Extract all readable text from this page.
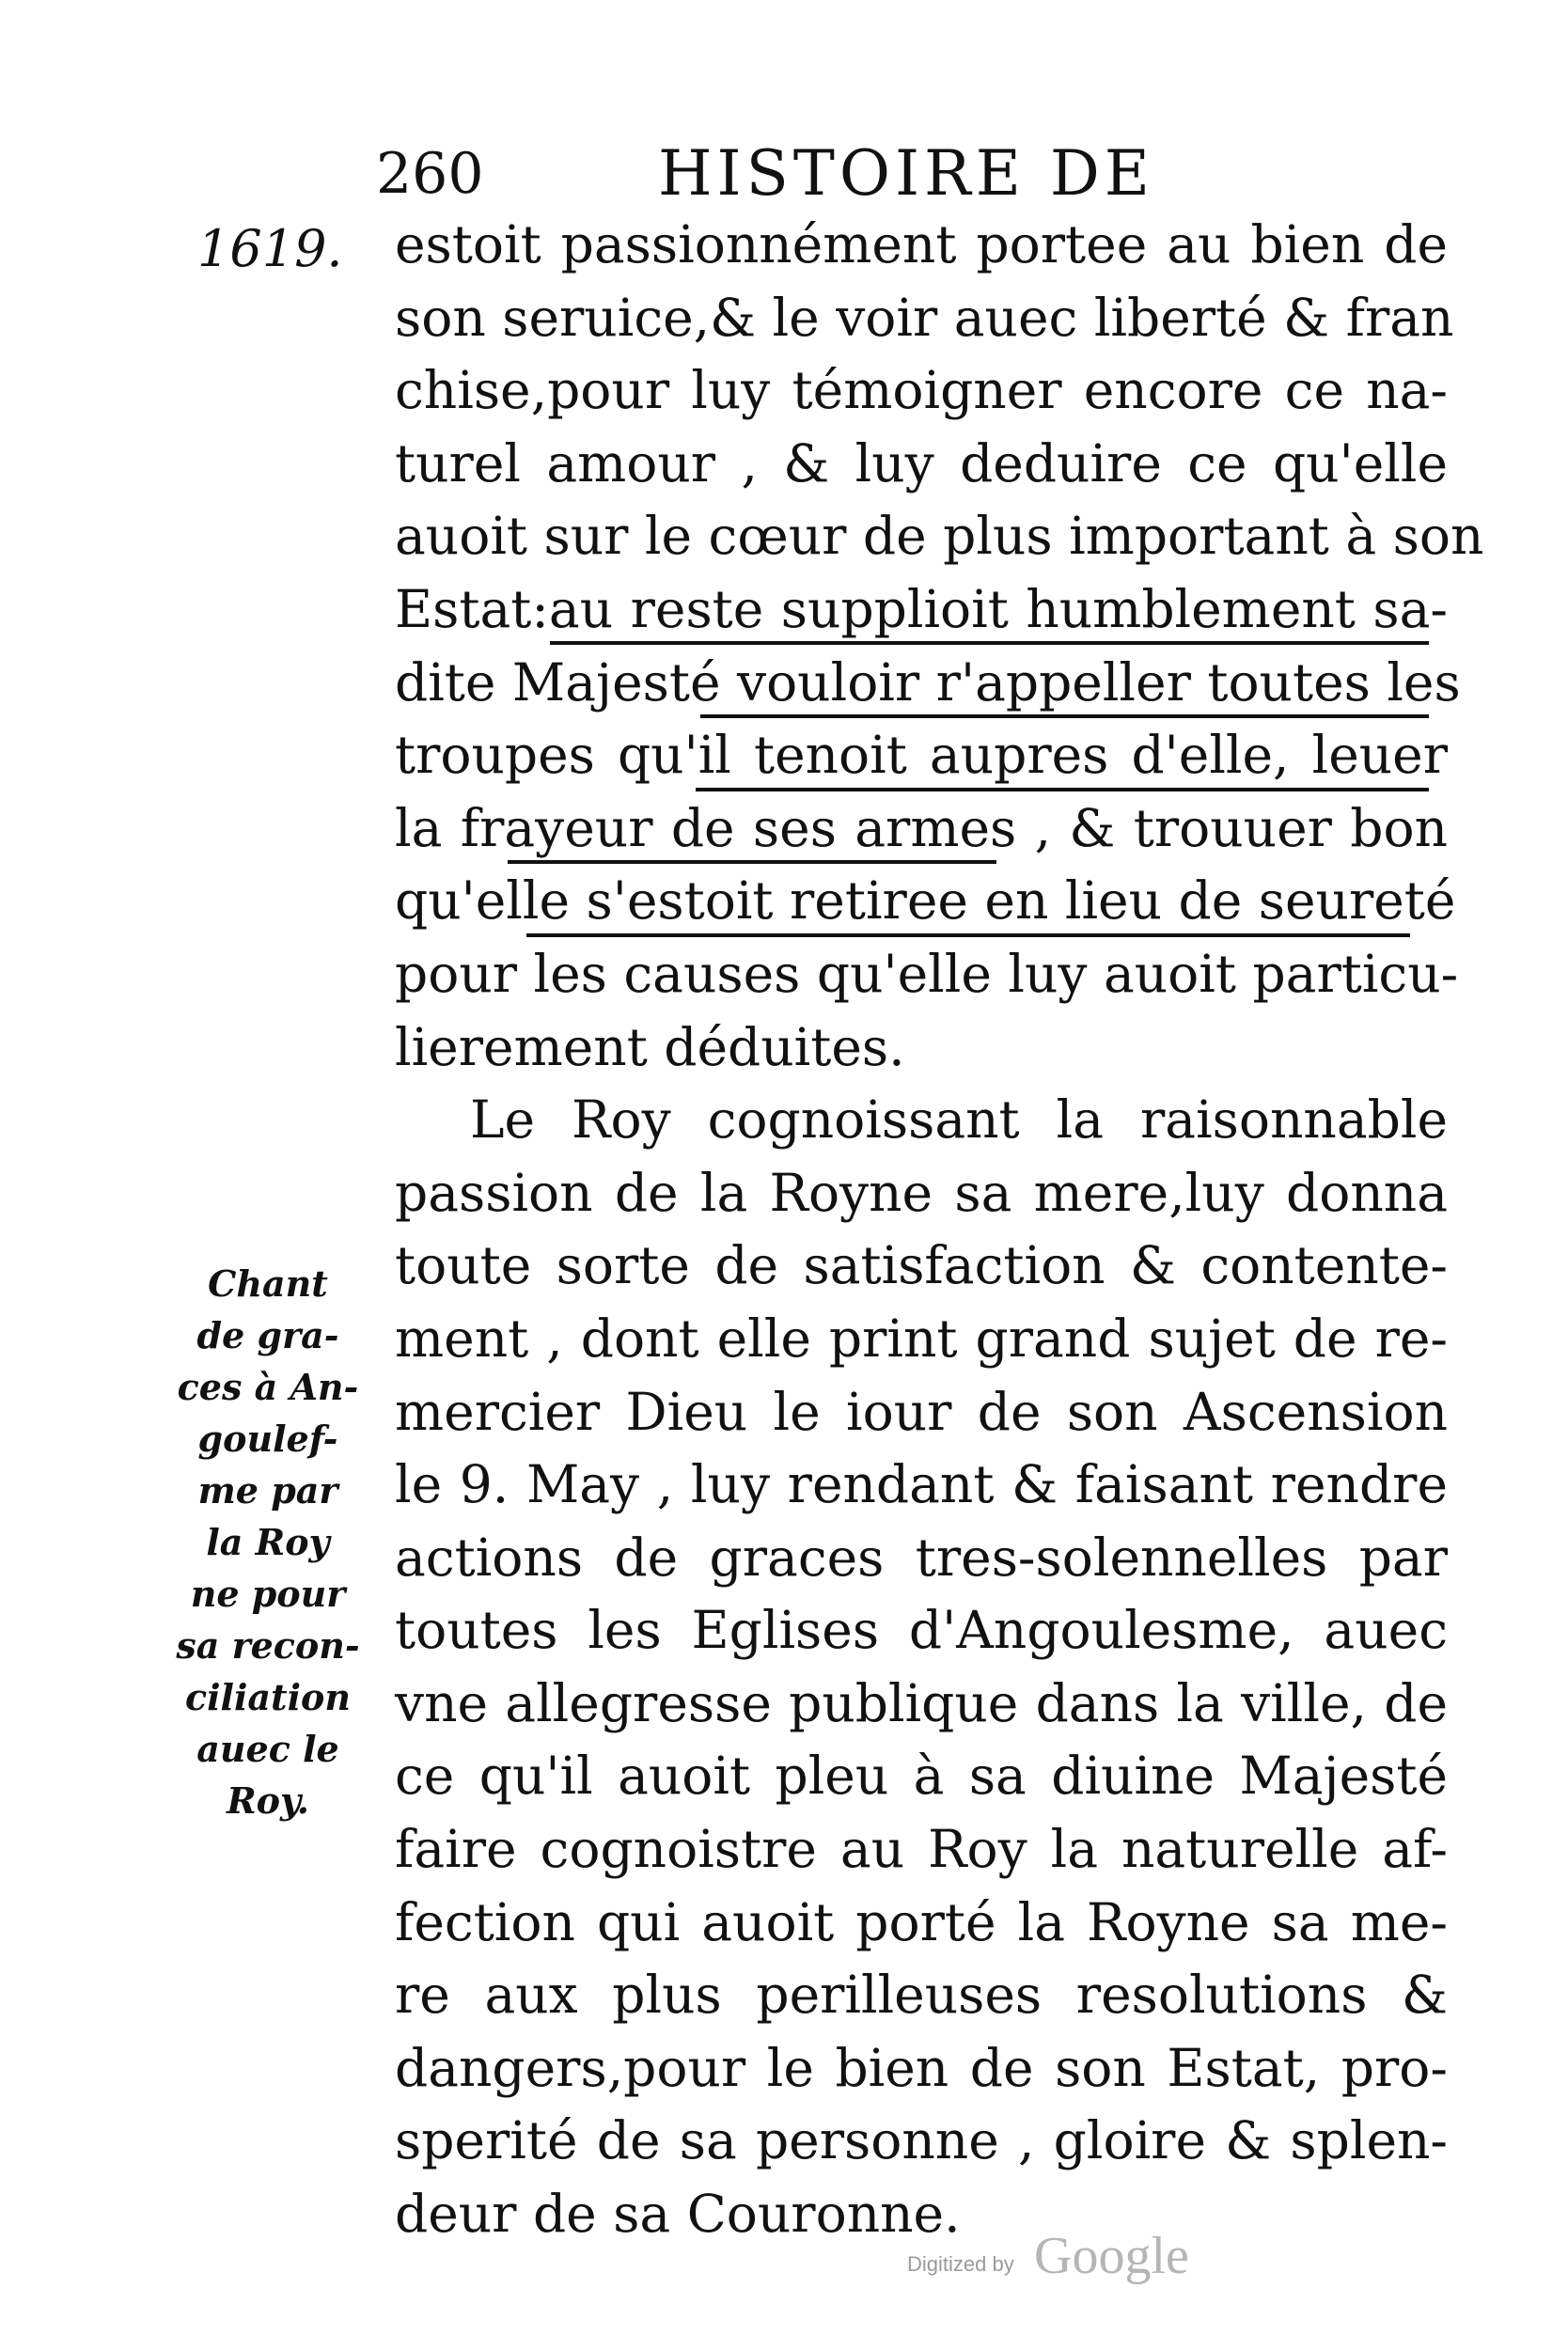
260	HISTOIRE DE
1619. estoit passionnément portee au bien de
son seruice,& le voir auec liberté & fran
chise,pour luy témoigner encore ce na-
turel amour , & luy deduire ce qu'elle
auoit sur le cœur de plus important à son
Estat:au reste supplioit humblement sa-
dite Majesté vouloir r'appeller toutes les
troupes qu'il tenoit aupres d'elle, leuer
la frayeur de ses armes , & trouuer bon
qu'elle s'estoit retiree en lieu de seureté
pour les causes qu'elle luy auoit particu-
lierement déduites.
Le Roy cognoissant la raisonnable
passion de la Royne sa mere,luy donna
toute sorte de satisfaction & contente-
ment , dont elle print grand sujet de re-
mercier Dieu le iour de son Ascension
le 9. May , luy rendant & faisant rendre
actions de graces tres-solennelles par
toutes les Eglises d'Angoulesme, auec
vne allegresse publique dans la ville, de
ce qu'il auoit pleu à sa diuine Majesté
faire cognoistre au Roy la naturelle af-
fection qui auoit porté la Royne sa me-
re aux plus perilleuses resolutions &
dangers,pour le bien de son Estat, pro-
sperité de sa personne , gloire & splen-
deur de sa Couronne.
Chant
de gra-
ces à An-
goulef-
me par
la Roy
ne pour
sa recon-
ciliation
auec le
Roy.
Digitized by Google
